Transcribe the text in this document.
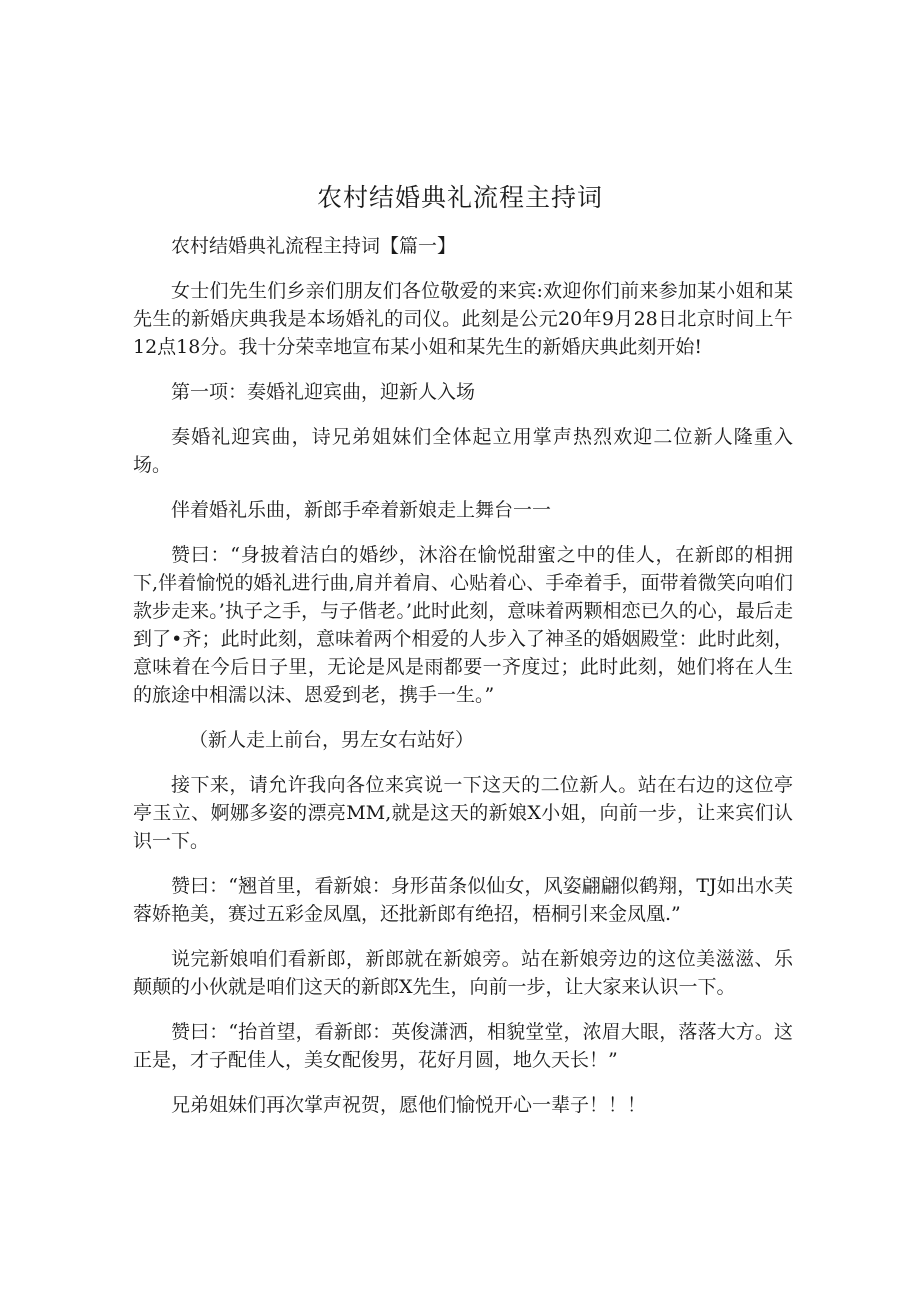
农村结婚典礼流程主持词

农村结婚典礼流程主持词【篇一】

女士们先生们乡亲们朋友们各位敬爱的来宾:欢迎你们前来参加某小姐和某先生的新婚庆典我是本场婚礼的司仪。此刻是公元20年9月28日北京时间上午12点18分。我十分荣幸地宣布某小姐和某先生的新婚庆典此刻开始!

第一项：奏婚礼迎宾曲，迎新人入场

奏婚礼迎宾曲，诗兄弟姐妹们全体起立用掌声热烈欢迎二位新人隆重入场。

伴着婚礼乐曲，新郎手牵着新娘走上舞台一一

赞曰：“身披着洁白的婚纱，沐浴在愉悦甜蜜之中的佳人，在新郎的相拥下,伴着愉悦的婚礼进行曲,肩并着肩、心贴着心、手牵着手，面带着微笑向咱们款步走来。’执子之手，与子偕老。’此时此刻，意味着两颗相恋已久的心，最后走到了•齐；此时此刻，意味着两个相爱的人步入了神圣的婚姻殿堂：此时此刻，意味着在今后日子里，无论是风是雨都要一齐度过；此时此刻，她们将在人生的旅途中相濡以沫、恩爱到老，携手一生。”

（新人走上前台，男左女右站好）

接下来，请允许我向各位来宾说一下这天的二位新人。站在右边的这位亭亭玉立、婀娜多姿的漂亮MM,就是这天的新娘X小姐，向前一步，让来宾们认识一下。

赞曰：“翘首里，看新娘：身形苗条似仙女，风姿翩翩似鹤翔，TJ如出水芙蓉娇艳美，赛过五彩金凤凰，还批新郎有绝招，梧桐引来金凤凰.”

说完新娘咱们看新郎，新郎就在新娘旁。站在新娘旁边的这位美滋滋、乐颠颠的小伙就是咱们这天的新郎X先生，向前一步，让大家来认识一下。

赞曰：“抬首望，看新郎：英俊潇洒，相貌堂堂，浓眉大眼，落落大方。这正是，才子配佳人，美女配俊男，花好月圆，地久天长！”

兄弟姐妹们再次掌声祝贺，愿他们愉悦开心一辈子！！！
